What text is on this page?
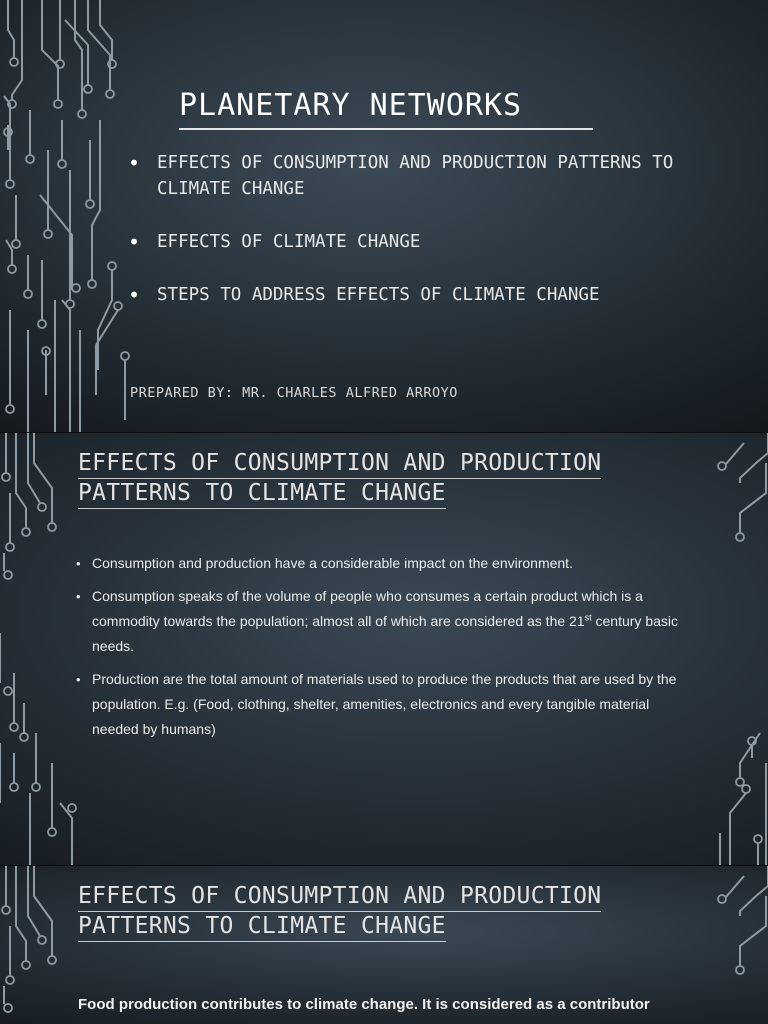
PLANETARY NETWORKS
• EFFECTS OF CONSUMPTION AND PRODUCTION PATTERNS TO CLIMATE CHANGE
• EFFECTS OF CLIMATE CHANGE
• STEPS TO ADDRESS EFFECTS OF CLIMATE CHANGE
PREPARED BY: MR. CHARLES ALFRED ARROYO
EFFECTS OF CONSUMPTION AND PRODUCTION
PATTERNS TO CLIMATE CHANGE
• Consumption and production have a considerable impact on the environment.
• Consumption speaks of the volume of people who consumes a certain product which is a commodity towards the population; almost all of which are considered as the 21st century basic needs.
• Production are the total amount of materials used to produce the products that are used by the population. E.g. (Food, clothing, shelter, amenities, electronics and every tangible material needed by humans)
EFFECTS OF CONSUMPTION AND PRODUCTION
PATTERNS TO CLIMATE CHANGE

Food production contributes to climate change. It is considered as a contributor
